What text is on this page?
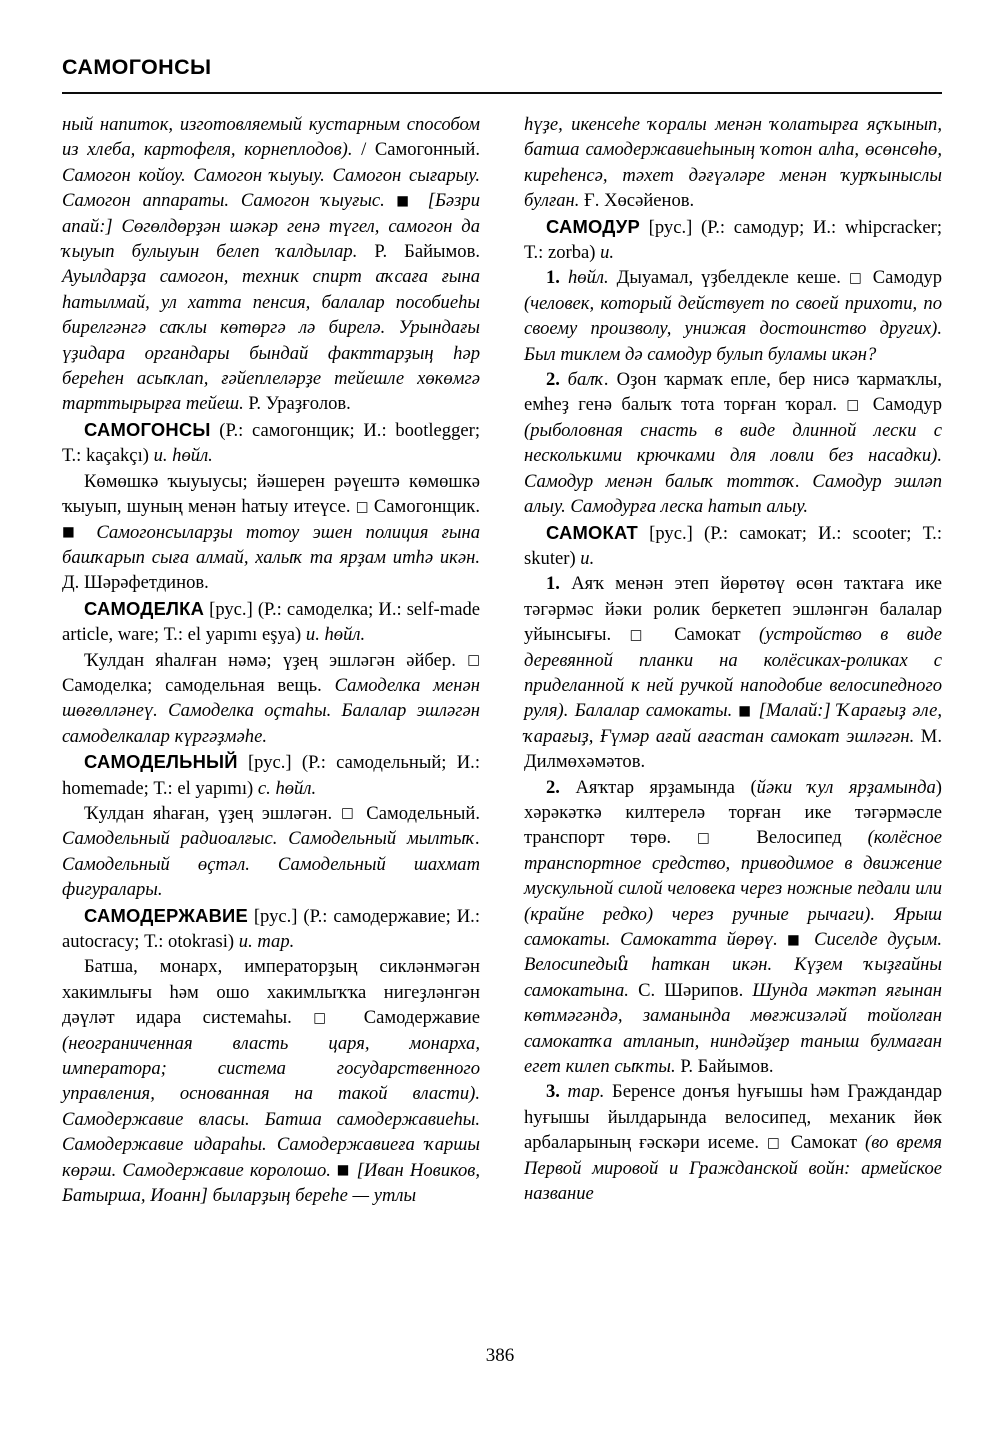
САМОГОНСЫ

ный напиток, изготовляемый кустарным способом из хлеба, картофеля, корнеплодов). / Самогонный. Самогон койоу. Самогон ҡыуыу. Самогон сығарыу. Самогон аппараты. Самогон ҡыуғыс. ■ [Бәзри апай:] Сөгөлдөрҙән шәкәр генә түгел, самогон да ҡыуып булыуын белеп ҡалдылар. Р. Байымов. Ауылдарҙа самогон, техник спирт аҡсаға ғына һатылмай, ул хатта пенсия, балалар пособиеһы бирелгәнгә саҡлы көтөргә лә бирелә. Урындағы үҙидара органдары бындай факттарҙың һәр береһен асыҡлап, ғәйеплеләрҙе тейешле хөкөмгә тарттырырға тейеш. Р. Ураҙғолов.

САМОГОНСЫ (Р.: самогонщик; И.: bootlegger; Т.: kaçakçı) и. һөйл.

Көмөшкә ҡыуыусы; йәшерен рәүештә көмөшкә ҡыуып, шуның менән һатыу итеүсе. □ Самогонщик. ■ Самогонсыларҙы тотоу эшен полиция ғына башҡарып сыға алмай, халыҡ та ярҙам итһә икән. Д. Шәрәфетдинов.

САМОДЕЛКА [рус.] (Р.: самоделка; И.: self-made article, ware; Т.: el yapımı eşya) и. һөйл.

Ҡулдан яһалған нәмә; үҙең эшләгән әйбер. □ Самоделка; самодельная вещь. Самоделка менән шөғөлләнеү. Самоделка оҫтаһы. Балалар эшләгән самоделкалар күргәҙмәһе.

САМОДЕЛЬНЫЙ [рус.] (Р.: самодельный; И.: homemade; Т.: el yapımı) с. һөйл.

Ҡулдан яһаған, үҙең эшләгән. □ Самодельный. Самодельный радиоалғыс. Самодельный мылтыҡ. Самодельный өҫтәл. Самодельный шахмат фигуралары.

САМОДЕРЖАВИЕ [рус.] (Р.: самодержавие; И.: autocracy; Т.: otokrasi) и. тар.

Батша, монарх, императорҙың сикләнмәгән хакимлығы һәм ошо хакимлыҡҡа нигеҙләнгән дәүләт идара системаһы. □ Самодержавие (неограниченная власть царя, монарха, императора; система государственного управления, основанная на такой власти). Самодержавие власы. Батша самодержавиеһы. Самодержавие идараһы. Самодержавиеға ҡаршы көрәш. Самодержавие королошо. ■ [Иван Новиков, Батырша, Иоанн] быларҙың береһе — утлы

һүҙе, икенсеһе ҡоралы менән ҡолатырға яҫҡынып, батша самодержавиеһының ҡотон алһа, өсөнсөһө, киреһенсә, тәхет дәғүәләре менән ҡурҡыныслы булған. Ғ. Хөсәйенов.

САМОДУР [рус.] (Р.: самодур; И.: whipcracker; Т.: zorba) и.

1. һөйл. Дыуамал, үҙбелдекле кеше. □ Самодур (человек, который действует по своей прихоти, по своему произволу, унижая достоинство других). Был тиклем дә самодур булып буламы икән?

2. балҡ. Оҙон ҡармаҡ епле, бер нисә ҡармаҡлы, емһеҙ генә балыҡ тота торған ҡорал. □ Самодур (рыболовная снасть в виде длинной лески с несколькими крючками для ловли без насадки). Самодур менән балыҡ тоттоҡ. Самодур эшләп алыу. Самодурға леска һатып алыу.

САМОКАТ [рус.] (Р.: самокат; И.: scooter; Т.: skuter) и.

1. Аяҡ менән этеп йөрөтөү өсөн таҡтаға ике тәгәрмәс йәки ролик беркетеп эшләнгән балалар уйынсығы. □ Самокат (устройство в виде деревянной планки на колёсиках-роликах с приделанной к ней ручкой наподобие велосипедного руля). Балалар самокаты. ■ [Малай:] Ҡарағыҙ әле, ҡарағыҙ, Ғүмәр ағай ағастан самокат эшләгән. М. Дилмөхәмәтов.

2. Аяҡтар ярҙамында (йәки ҡул ярҙамында) хәрәкәткә килтерелә торған ике тәгәрмәсле транспорт төрө. □ Велосипед (колёсное транспортное средство, приводимое в движение мускульной силой человека через ножные педали или (крайне редко) через ручные рычаги). Ярыш самокаты. Самокатта йөрөү. ■ Сиселде дуҫым. Велосипедыն һаткан икән. Күҙем ҡыҙғайны самокатына. С. Шәрипов. Шунда мәктәп яғынан көтмәгәндә, заманында мөғжизәләй тойолған самокатҡа атланып, ниндәйҙер таныш булмаған егет килеп сыҡты. Р. Байымов.

3. тар. Беренсе донъя һуғышы һәм Граждандар һуғышы йылдарында велосипед, механик йөк арбаларының ғәскәри исеме. □ Самокат (во время Первой мировой и Гражданской войн: армейское название

386
